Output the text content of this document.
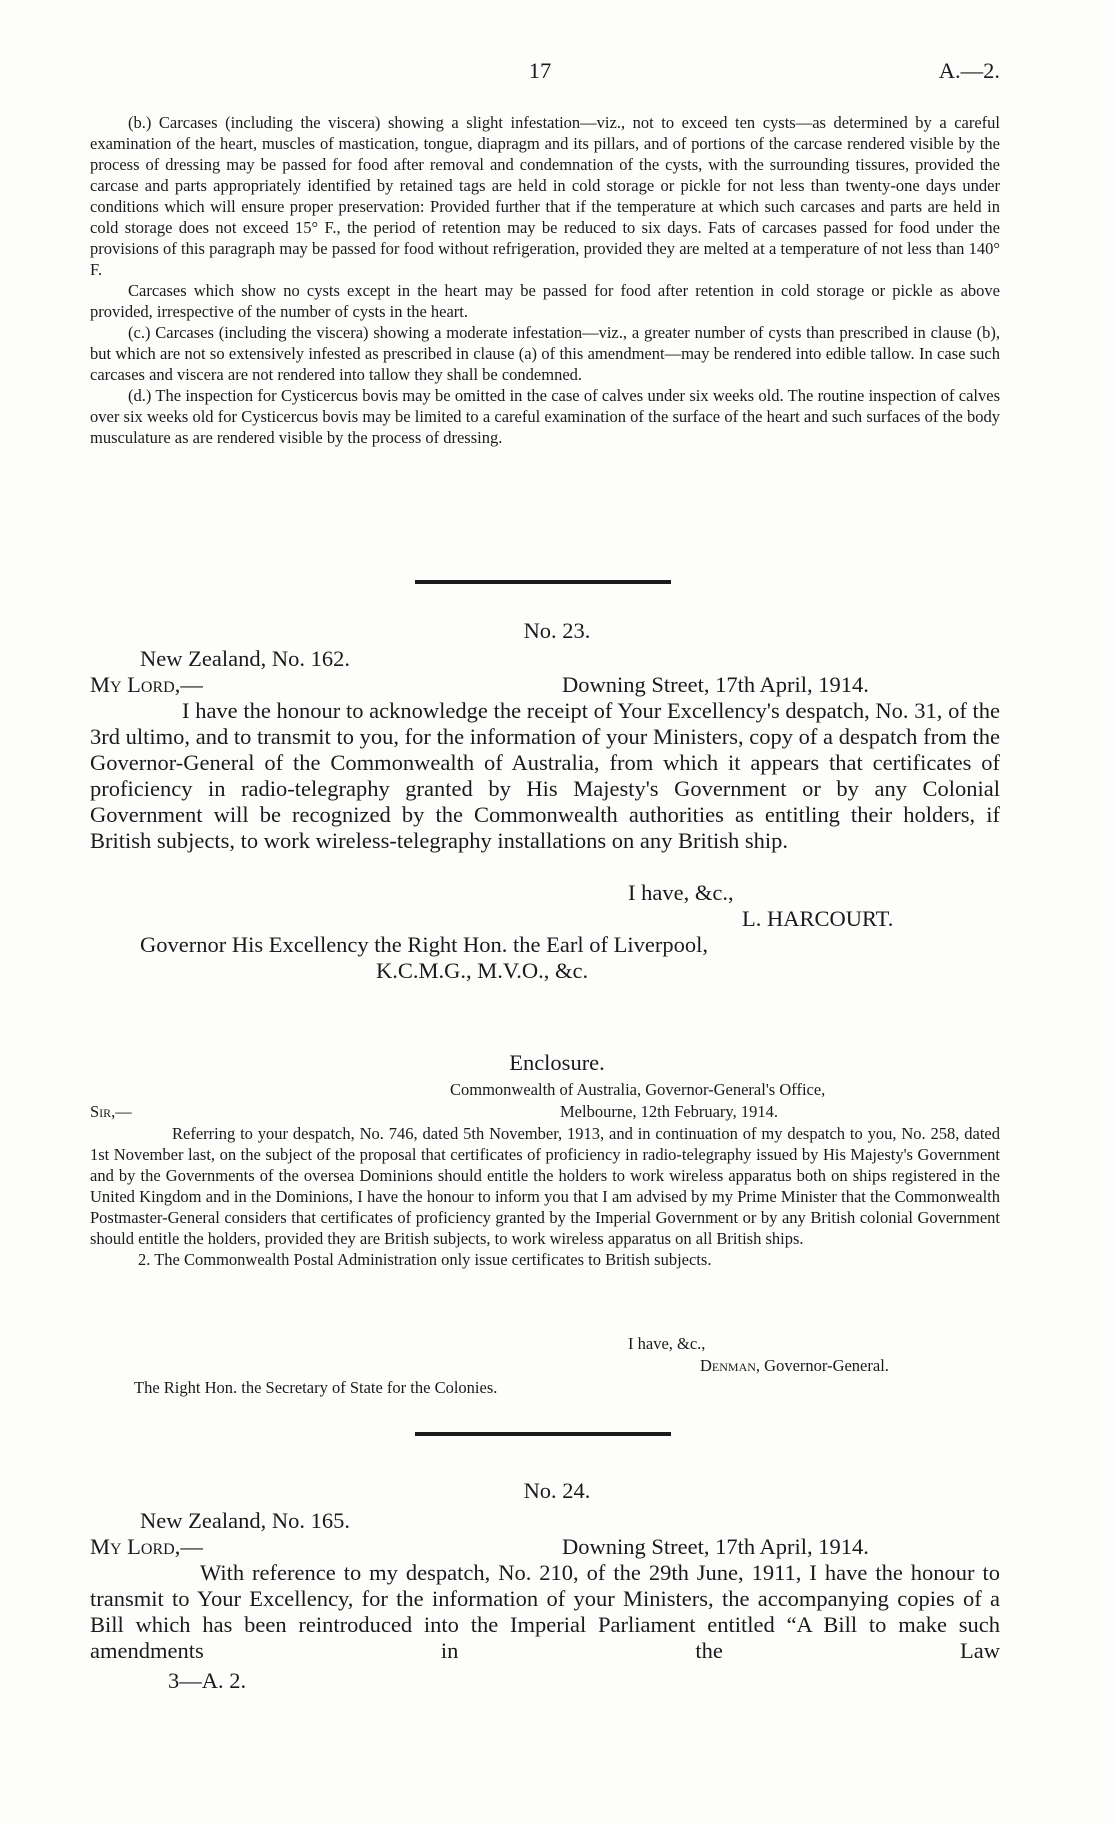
17	A.—2.

(b.) Carcases (including the viscera) showing a slight infestation—viz., not to exceed ten cysts—as determined by a careful examination of the heart, muscles of mastication, tongue, diapragm and its pillars, and of portions of the carcase rendered visible by the process of dressing may be passed for food after removal and condemnation of the cysts, with the surrounding tissures, provided the carcase and parts appropriately identified by retained tags are held in cold storage or pickle for not less than twenty-one days under conditions which will ensure proper preservation: Provided further that if the temperature at which such carcases and parts are held in cold storage does not exceed 15° F., the period of retention may be reduced to six days. Fats of carcases passed for food under the provisions of this paragraph may be passed for food without refrigeration, provided they are melted at a temperature of not less than 140° F.

Carcases which show no cysts except in the heart may be passed for food after retention in cold storage or pickle as above provided, irrespective of the number of cysts in the heart.

(c.) Carcases (including the viscera) showing a moderate infestation—viz., a greater number of cysts than prescribed in clause (b), but which are not so extensively infested as prescribed in clause (a) of this amendment—may be rendered into edible tallow. In case such carcases and viscera are not rendered into tallow they shall be condemned.

(d.) The inspection for Cysticercus bovis may be omitted in the case of calves under six weeks old. The routine inspection of calves over six weeks old for Cysticercus bovis may be limited to a careful examination of the surface of the heart and such surfaces of the body musculature as are rendered visible by the process of dressing.

No. 23.
New Zealand, No. 162.
My Lord,—	Downing Street, 17th April, 1914.
I have the honour to acknowledge the receipt of Your Excellency's despatch, No. 31, of the 3rd ultimo, and to transmit to you, for the information of your Ministers, copy of a despatch from the Governor-General of the Commonwealth of Australia, from which it appears that certificates of proficiency in radio-telegraphy granted by His Majesty's Government or by any Colonial Government will be recognized by the Commonwealth authorities as entitling their holders, if British subjects, to work wireless-telegraphy installations on any British ship.
I have, &c.,
L. HARCOURT.
Governor His Excellency the Right Hon. the Earl of Liverpool,
K.C.M.G., M.V.O., &c.
Enclosure.
Commonwealth of Australia, Governor-General's Office,
Sir,—	Melbourne, 12th February, 1914.

Referring to your despatch, No. 746, dated 5th November, 1913, and in continuation of my despatch to you, No. 258, dated 1st November last, on the subject of the proposal that certificates of proficiency in radio-telegraphy issued by His Majesty's Government and by the Governments of the oversea Dominions should entitle the holders to work wireless apparatus both on ships registered in the United Kingdom and in the Dominions, I have the honour to inform you that I am advised by my Prime Minister that the Commonwealth Postmaster-General considers that certificates of proficiency granted by the Imperial Government or by any British colonial Government should entitle the holders, provided they are British subjects, to work wireless apparatus on all British ships.

2. The Commonwealth Postal Administration only issue certificates to British subjects.

I have, &c.,
Denman, Governor-General.
The Right Hon. the Secretary of State for the Colonies.
No. 24.
New Zealand, No. 165.
My Lord,—	Downing Street, 17th April, 1914.
With reference to my despatch, No. 210, of the 29th June, 1911, I have the honour to transmit to Your Excellency, for the information of your Ministers, the accompanying copies of a Bill which has been reintroduced into the Imperial Parliament entitled “A Bill to make such amendments in the Law
3—A. 2.
